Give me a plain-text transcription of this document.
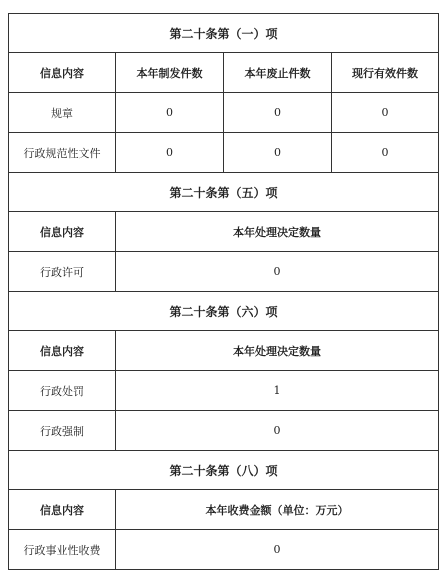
第二十条第（一）项			
信息内容	本年制发件数	本年废止件数	现行有效件数
规章	0	0	0
行政规范性文件	0	0	0
第二十条第（五）项			
信息内容	本年处理决定数量		
行政许可	0		
第二十条第（六）项			
信息内容	本年处理决定数量		
行政处罚	1		
行政强制	0		
第二十条第（八）项			
信息内容	本年收费金额（单位：万元）		
行政事业性收费	0		
